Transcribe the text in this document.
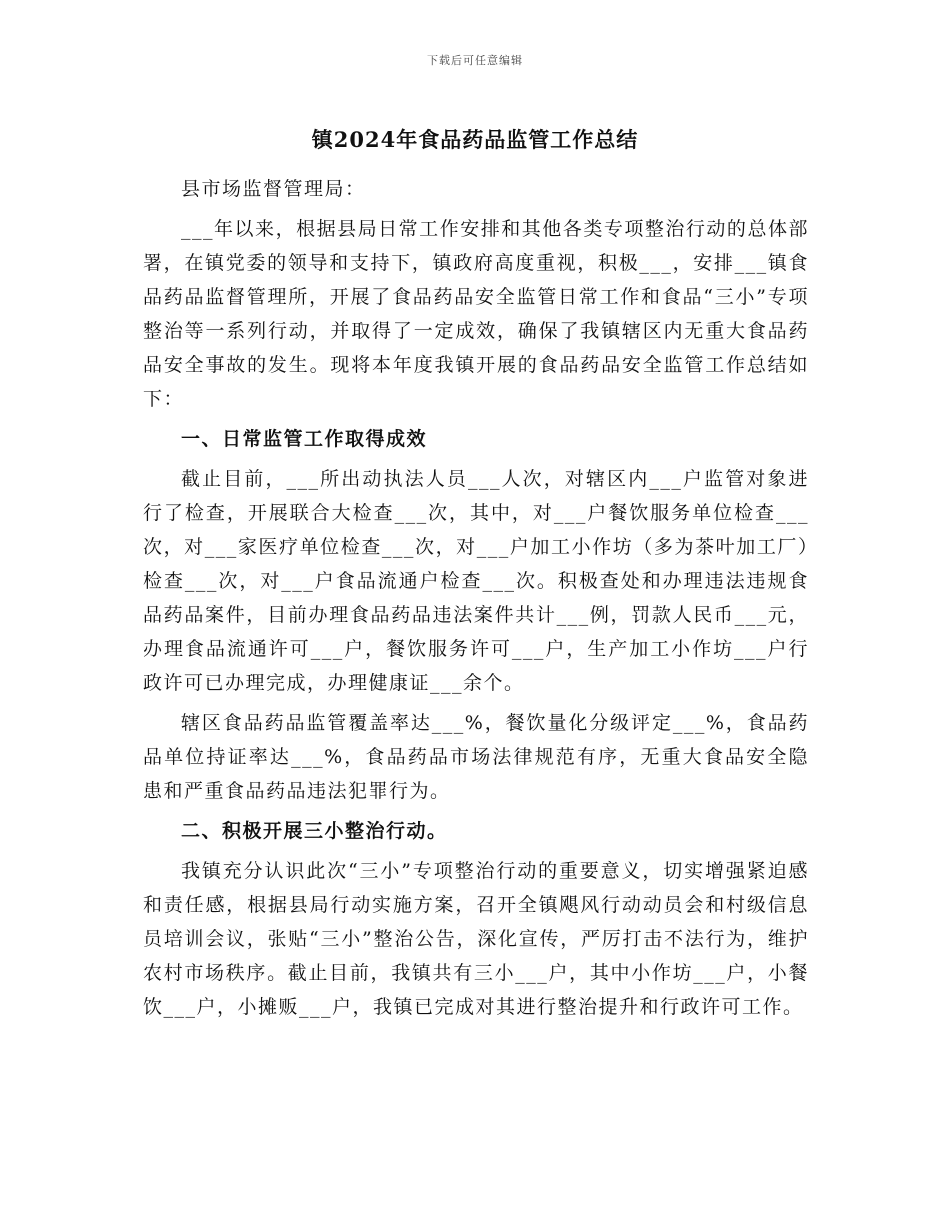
下载后可任意编辑
镇2024年食品药品监管工作总结

县市场监督管理局：

___年以来，根据县局日常工作安排和其他各类专项整治行动的总体部署，在镇党委的领导和支持下，镇政府高度重视，积极___，安排___镇食品药品监督管理所，开展了食品药品安全监管日常工作和食品“三小”专项整治等一系列行动，并取得了一定成效，确保了我镇辖区内无重大食品药品安全事故的发生。现将本年度我镇开展的食品药品安全监管工作总结如下：

一、日常监管工作取得成效

截止目前，___所出动执法人员___人次，对辖区内___户监管对象进行了检查，开展联合大检查___次，其中，对___户餐饮服务单位检查___次，对___家医疗单位检查___次，对___户加工小作坊（多为茶叶加工厂）检查___次，对___户食品流通户检查___次。积极查处和办理违法违规食品药品案件，目前办理食品药品违法案件共计___例，罚款人民币___元，办理食品流通许可___户，餐饮服务许可___户，生产加工小作坊___户行政许可已办理完成，办理健康证___余个。

辖区食品药品监管覆盖率达___%，餐饮量化分级评定___%，食品药品单位持证率达___%，食品药品市场法律规范有序，无重大食品安全隐患和严重食品药品违法犯罪行为。

二、积极开展三小整治行动。

我镇充分认识此次“三小”专项整治行动的重要意义，切实增强紧迫感和责任感，根据县局行动实施方案，召开全镇飓风行动动员会和村级信息员培训会议，张贴“三小”整治公告，深化宣传，严厉打击不法行为，维护农村市场秩序。截止目前，我镇共有三小___户，其中小作坊___户，小餐饮___户，小摊贩___户，我镇已完成对其进行整治提升和行政许可工作。
